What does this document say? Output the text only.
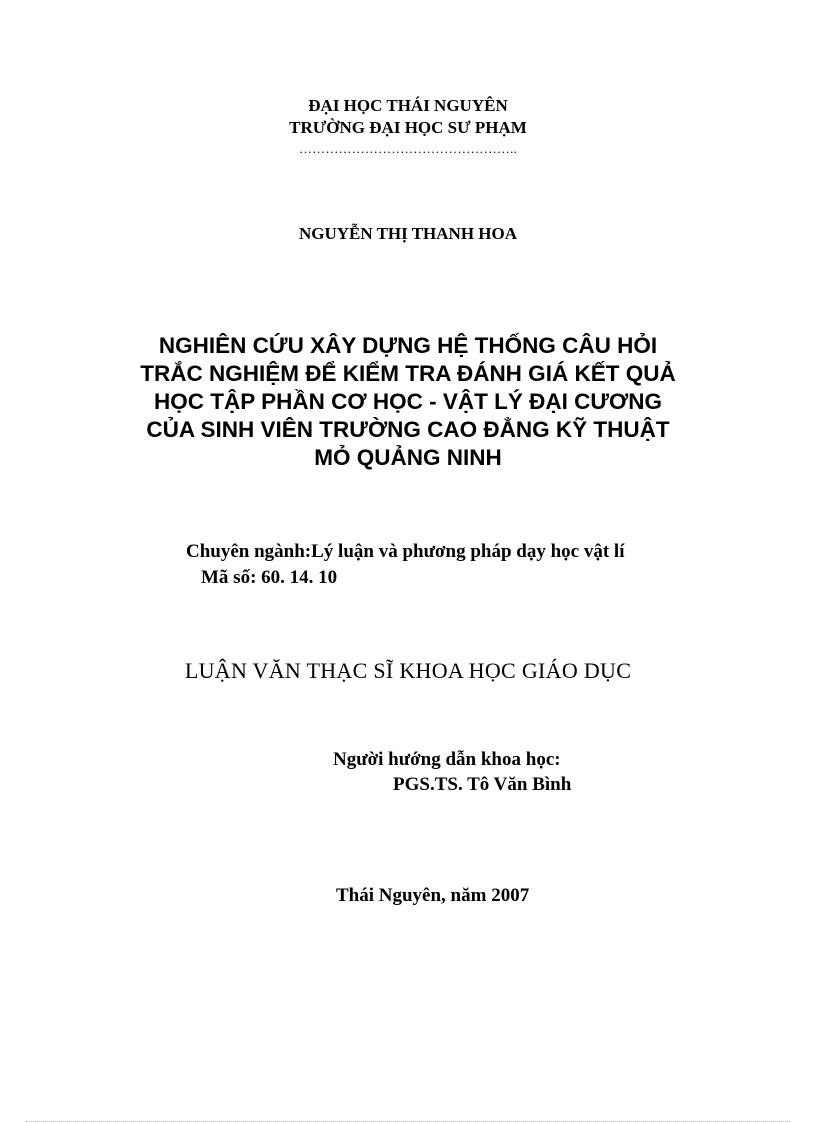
ĐẠI HỌC THÁI NGUYÊN
TRƯỜNG ĐẠI HỌC SƯ PHẠM
…………………………………………..
NGUYỄN THỊ THANH HOA
NGHIÊN CỨU XÂY DỰNG HỆ THỐNG CÂU HỎI
TRẮC NGHIỆM ĐỂ KIỂM TRA ĐÁNH GIÁ KẾT QUẢ
HỌC TẬP PHẦN CƠ HỌC - VẬT LÝ ĐẠI CƯƠNG
CỦA SINH VIÊN TRƯỜNG CAO ĐẲNG KỸ THUẬT
MỎ QUẢNG NINH
Chuyên ngành:Lý luận và phương pháp dạy học vật lí
Mã số: 60. 14. 10
LUẬN VĂN THẠC SĨ KHOA HỌC GIÁO DỤC
Người hướng dẫn khoa học:
PGS.TS. Tô Văn Bình
Thái Nguyên, năm 2007
